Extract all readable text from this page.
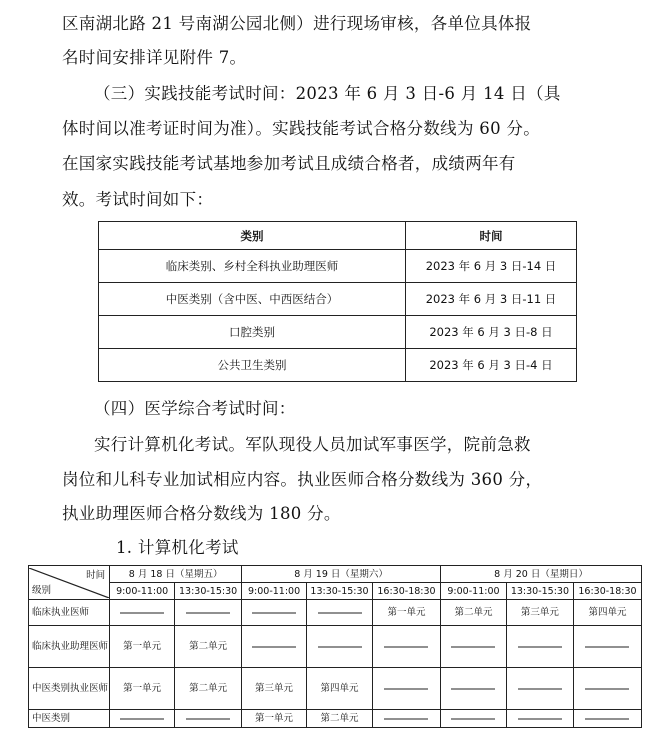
区南湖北路 21 号南湖公园北侧）进行现场审核，各单位具体报
名时间安排详见附件 7。
（三）实践技能考试时间：2023 年 6 月 3 日-6 月 14 日（具
体时间以准考证时间为准）。实践技能考试合格分数线为 60 分。
在国家实践技能考试基地参加考试且成绩合格者，成绩两年有
效。考试时间如下：
类别	时间
临床类别、乡村全科执业助理医师	2023 年 6 月 3 日-14 日
中医类别（含中医、中西医结合）	2023 年 6 月 3 日-11 日
口腔类别	2023 年 6 月 3 日-8 日
公共卫生类别	2023 年 6 月 3 日-4 日
（四）医学综合考试时间：
实行计算机化考试。军队现役人员加试军事医学，院前急救
岗位和儿科专业加试相应内容。执业医师合格分数线为 360 分，
执业助理医师合格分数线为 180 分。
1. 计算机化考试
时间
级别	8 月 18 日（星期五）		8 月 19 日（星期六）			8 月 20 日（星期日）		
	9:00-11:00	13:30-15:30	9:00-11:00	13:30-15:30	16:30-18:30	9:00-11:00	13:30-15:30	16:30-18:30
临床执业医师					第一单元	第二单元	第三单元	第四单元
临床执业助理医师	第一单元	第二单元	

中医类别执业医师	第一单元	第二单元	第三单元	第四单元	

中医类别			第一单元	第二单元	
